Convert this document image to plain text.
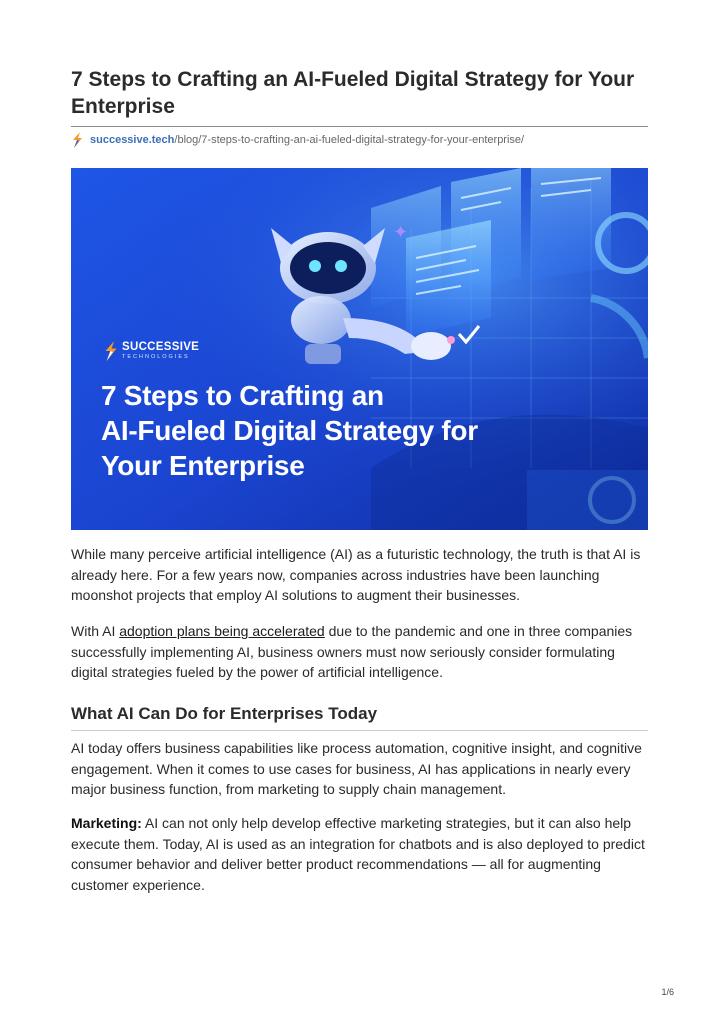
7 Steps to Crafting an AI-Fueled Digital Strategy for Your Enterprise
successive.tech/blog/7-steps-to-crafting-an-ai-fueled-digital-strategy-for-your-enterprise/
✦
SUCCESSIVE
TECHNOLOGIES
7 Steps to Crafting an
AI-Fueled Digital Strategy for
Your Enterprise

While many perceive artificial intelligence (AI) as a futuristic technology, the truth is that AI is already here. For a few years now, companies across industries have been launching moonshot projects that employ AI solutions to augment their businesses.

With AI adoption plans being accelerated due to the pandemic and one in three companies successfully implementing AI, business owners must now seriously consider formulating digital strategies fueled by the power of artificial intelligence.

What AI Can Do for Enterprises Today

AI today offers business capabilities like process automation, cognitive insight, and cognitive engagement. When it comes to use cases for business, AI has applications in nearly every major business function, from marketing to supply chain management.

Marketing: AI can not only help develop effective marketing strategies, but it can also help execute them. Today, AI is used as an integration for chatbots and is also deployed to predict consumer behavior and deliver better product recommendations — all for augmenting customer experience.

1/6
